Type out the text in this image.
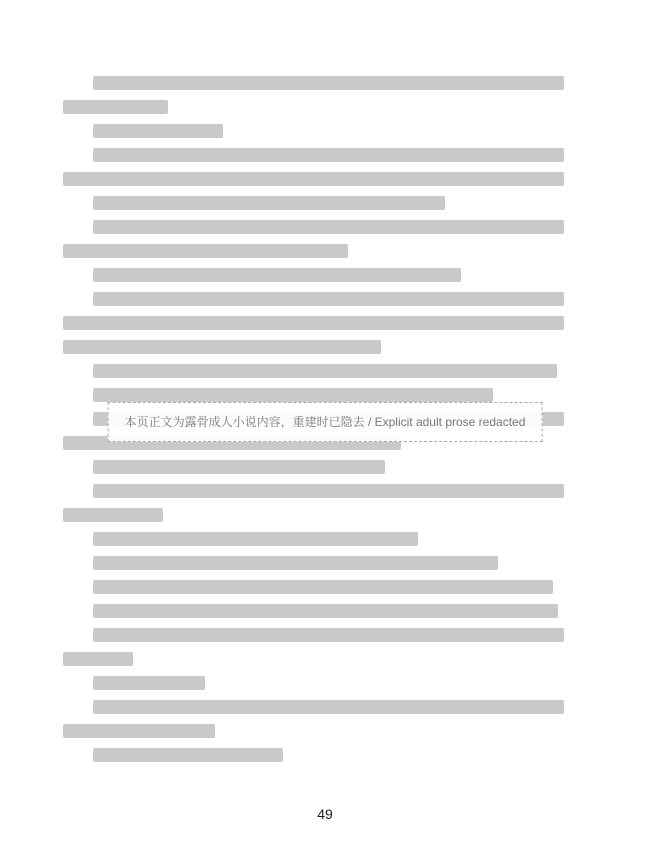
本页正文为露骨成人小说内容，重建时已隐去 / Explicit adult prose redacted
49
